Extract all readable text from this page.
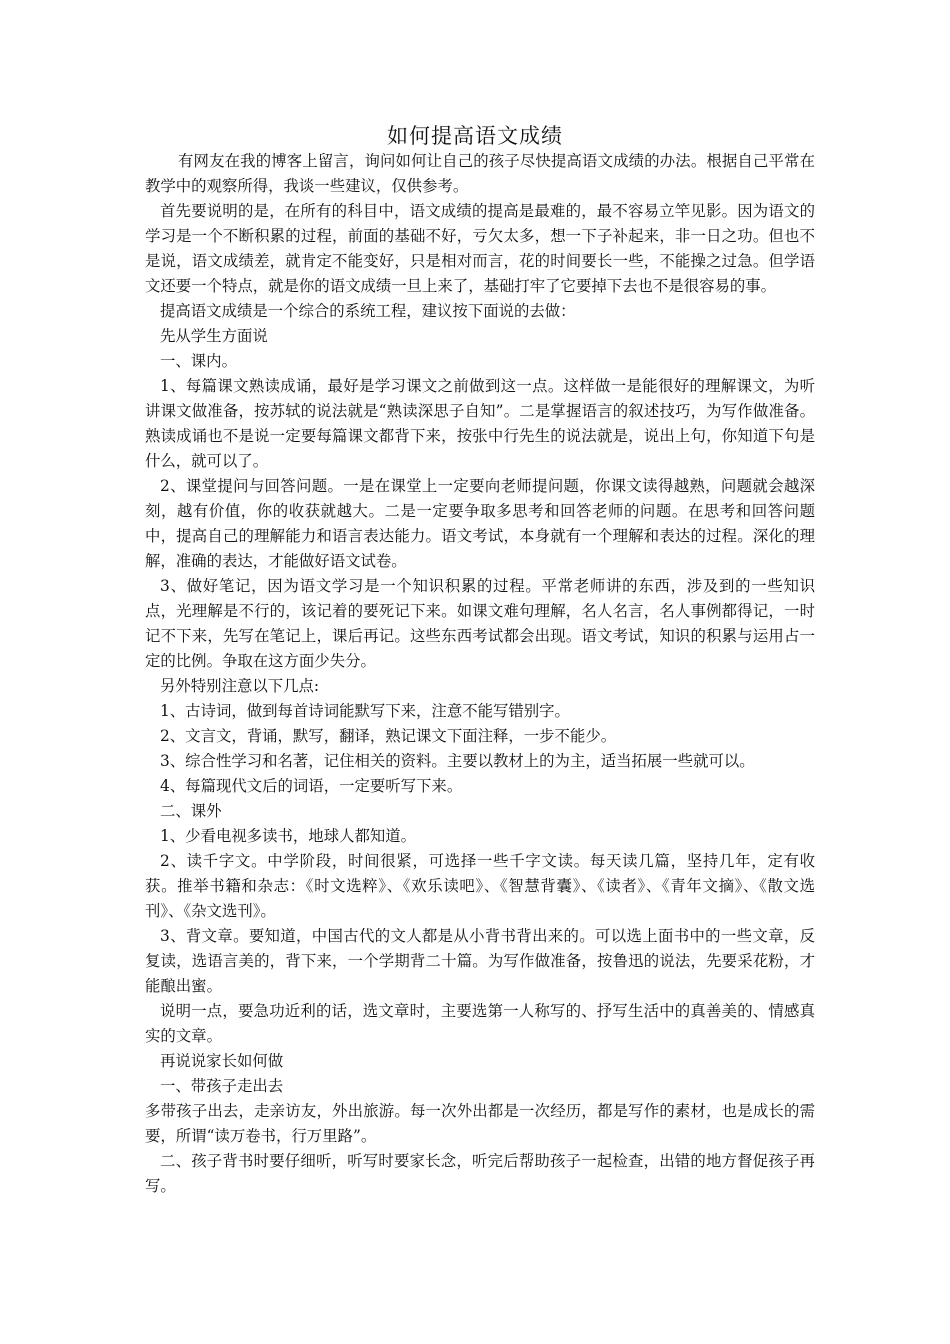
如何提高语文成绩

有网友在我的博客上留言，询问如何让自己的孩子尽快提高语文成绩的办法。根据自己平常在教学中的观察所得，我谈一些建议，仅供参考。

首先要说明的是，在所有的科目中，语文成绩的提高是最难的，最不容易立竿见影。因为语文的学习是一个不断积累的过程，前面的基础不好，亏欠太多，想一下子补起来，非一日之功。但也不是说，语文成绩差，就肯定不能变好，只是相对而言，花的时间要长一些，不能操之过急。但学语文还要一个特点，就是你的语文成绩一旦上来了，基础打牢了它要掉下去也不是很容易的事。

提高语文成绩是一个综合的系统工程，建议按下面说的去做：

先从学生方面说

一、课内。

1、每篇课文熟读成诵，最好是学习课文之前做到这一点。这样做一是能很好的理解课文，为听讲课文做准备，按苏轼的说法就是“熟读深思子自知”。二是掌握语言的叙述技巧，为写作做准备。熟读成诵也不是说一定要每篇课文都背下来，按张中行先生的说法就是，说出上句，你知道下句是什么，就可以了。

2、课堂提问与回答问题。一是在课堂上一定要向老师提问题，你课文读得越熟，问题就会越深刻，越有价值，你的收获就越大。二是一定要争取多思考和回答老师的问题。在思考和回答问题中，提高自己的理解能力和语言表达能力。语文考试，本身就有一个理解和表达的过程。深化的理解，准确的表达，才能做好语文试卷。

3、做好笔记，因为语文学习是一个知识积累的过程。平常老师讲的东西，涉及到的一些知识点，光理解是不行的，该记着的要死记下来。如课文难句理解，名人名言，名人事例都得记，一时记不下来，先写在笔记上，课后再记。这些东西考试都会出现。语文考试，知识的积累与运用占一定的比例。争取在这方面少失分。

另外特别注意以下几点:

1、古诗词，做到每首诗词能默写下来，注意不能写错别字。

2、文言文，背诵，默写，翻译，熟记课文下面注释，一步不能少。

3、综合性学习和名著，记住相关的资料。主要以教材上的为主，适当拓展一些就可以。

4、每篇现代文后的词语，一定要听写下来。

二、课外

1、少看电视多读书，地球人都知道。

2、读千字文。中学阶段，时间很紧，可选择一些千字文读。每天读几篇，坚持几年，定有收获。推举书籍和杂志：《时文选粹》、《欢乐读吧》、《智慧背囊》、《读者》、《青年文摘》、《散文选刊》、《杂文选刊》。

3、背文章。要知道，中国古代的文人都是从小背书背出来的。可以选上面书中的一些文章，反复读，选语言美的，背下来，一个学期背二十篇。为写作做准备，按鲁迅的说法，先要采花粉，才能酿出蜜。

说明一点，要急功近利的话，选文章时，主要选第一人称写的、抒写生活中的真善美的、情感真实的文章。

再说说家长如何做

一、带孩子走出去

多带孩子出去，走亲访友，外出旅游。每一次外出都是一次经历，都是写作的素材，也是成长的需要，所谓“读万卷书，行万里路”。

二、孩子背书时要仔细听，听写时要家长念，听完后帮助孩子一起检查，出错的地方督促孩子再写。
